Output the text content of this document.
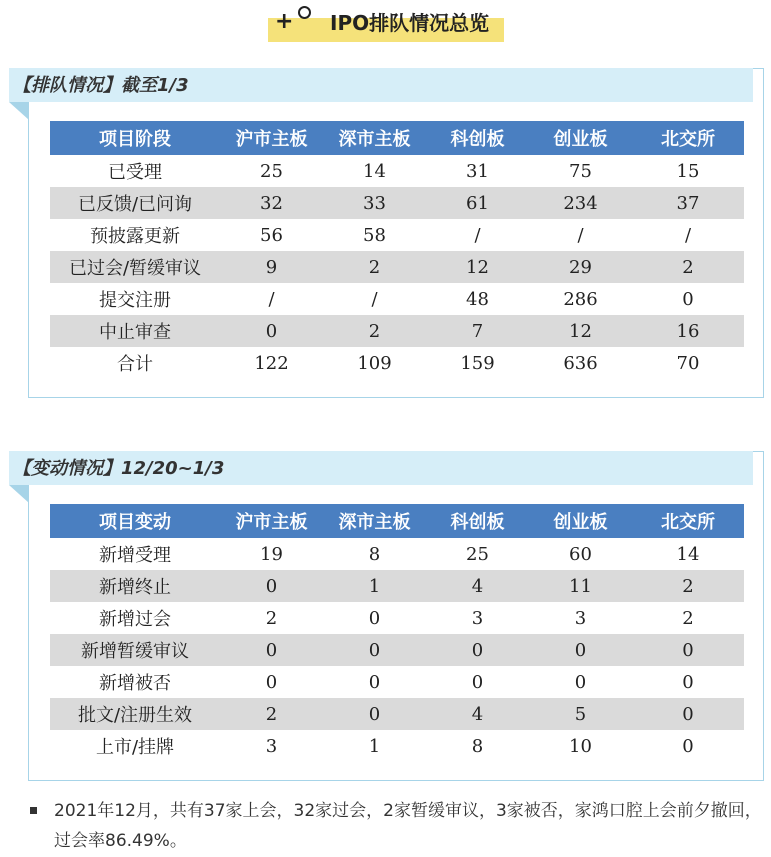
+ IPO排队情况总览
【排队情况】截至1/3
项目阶段	沪市主板	深市主板	科创板	创业板	北交所
已受理	25	14	31	75	15
已反馈/已问询	32	33	61	234	37
预披露更新	56	58	/	/	/
已过会/暂缓审议	9	2	12	29	2
提交注册	/	/	48	286	0
中止审查	0	2	7	12	16
合计	122	109	159	636	70
【变动情况】12/20~1/3
项目变动	沪市主板	深市主板	科创板	创业板	北交所
新增受理	19	8	25	60	14
新增终止	0	1	4	11	2
新增过会	2	0	3	3	2
新增暂缓审议	0	0	0	0	0
新增被否	0	0	0	0	0
批文/注册生效	2	0	4	5	0
上市/挂牌	3	1	8	10	0
2021年12月，共有37家上会，32家过会，2家暂缓审议，3家被否，家鸿口腔上会前夕撤回，过会率86.49%。
